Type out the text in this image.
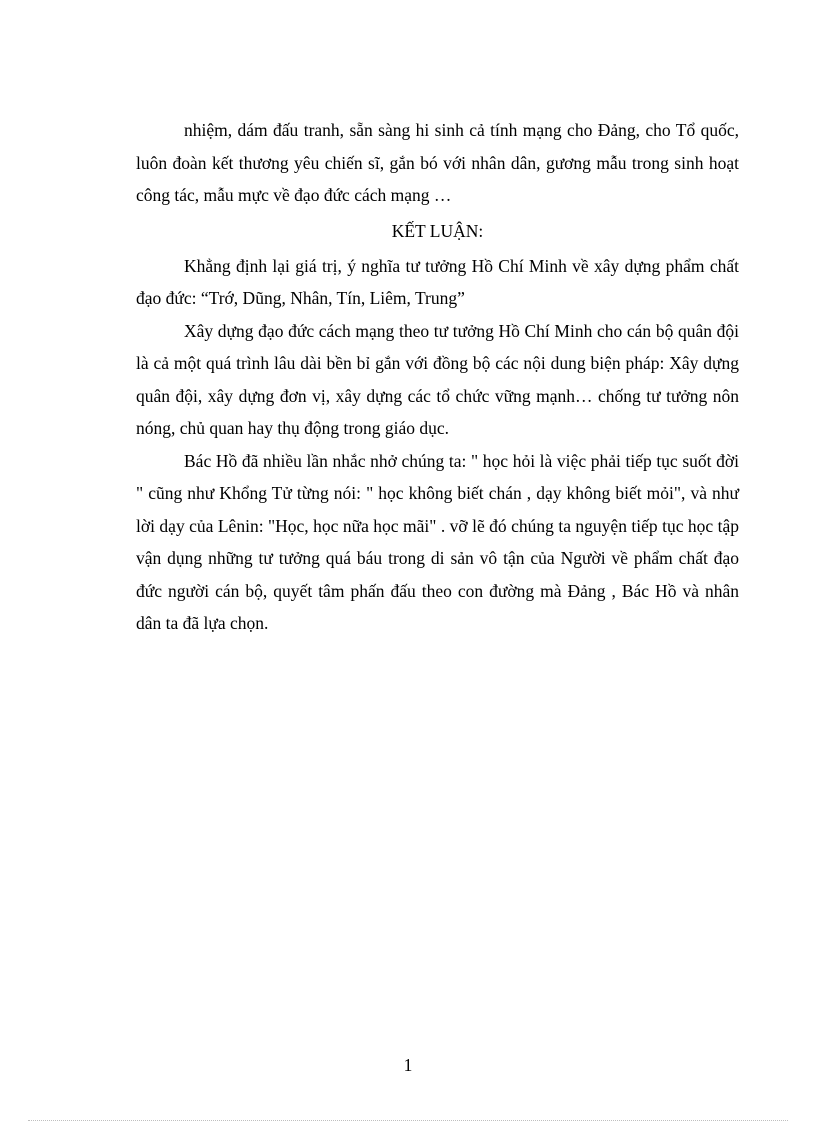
nhiệm, dám đấu tranh, sẵn sàng hi sinh cả tính mạng cho Đảng, cho Tổ quốc, luôn đoàn kết thương yêu chiến sĩ, gắn bó với nhân dân, gương mẫu trong sinh hoạt công tác, mẫu mực về đạo đức cách mạng …

KẾT LUẬN:

Khẳng định lại giá trị, ý nghĩa tư tưởng Hồ Chí Minh về xây dựng phẩm chất đạo đức: “Trớ, Dũng, Nhân, Tín, Liêm, Trung”

Xây dựng đạo đức cách mạng theo tư tưởng Hồ Chí Minh cho cán bộ quân đội là cả một quá trình lâu dài bền bỉ gắn với đồng bộ các nội dung biện pháp: Xây dựng quân đội, xây dựng đơn vị, xây dựng các tổ chức vững mạnh… chống tư tưởng nôn nóng, chủ quan hay thụ động trong giáo dục.

Bác Hồ đã nhiều lần nhắc nhở chúng ta: " học hỏi là việc phải tiếp tục suốt đời " cũng như Khổng Tử từng nói: " học không biết chán , dạy không biết mỏi", và như lời dạy của Lênin: "Học, học nữa học mãi" . vỡ lẽ đó chúng ta nguyện tiếp tục học tập vận dụng những tư tưởng quá báu trong di sản vô tận của Người về phẩm chất đạo đức người cán bộ, quyết tâm phấn đấu theo con đường mà Đảng , Bác Hồ và nhân dân ta đã lựa chọn.

1
